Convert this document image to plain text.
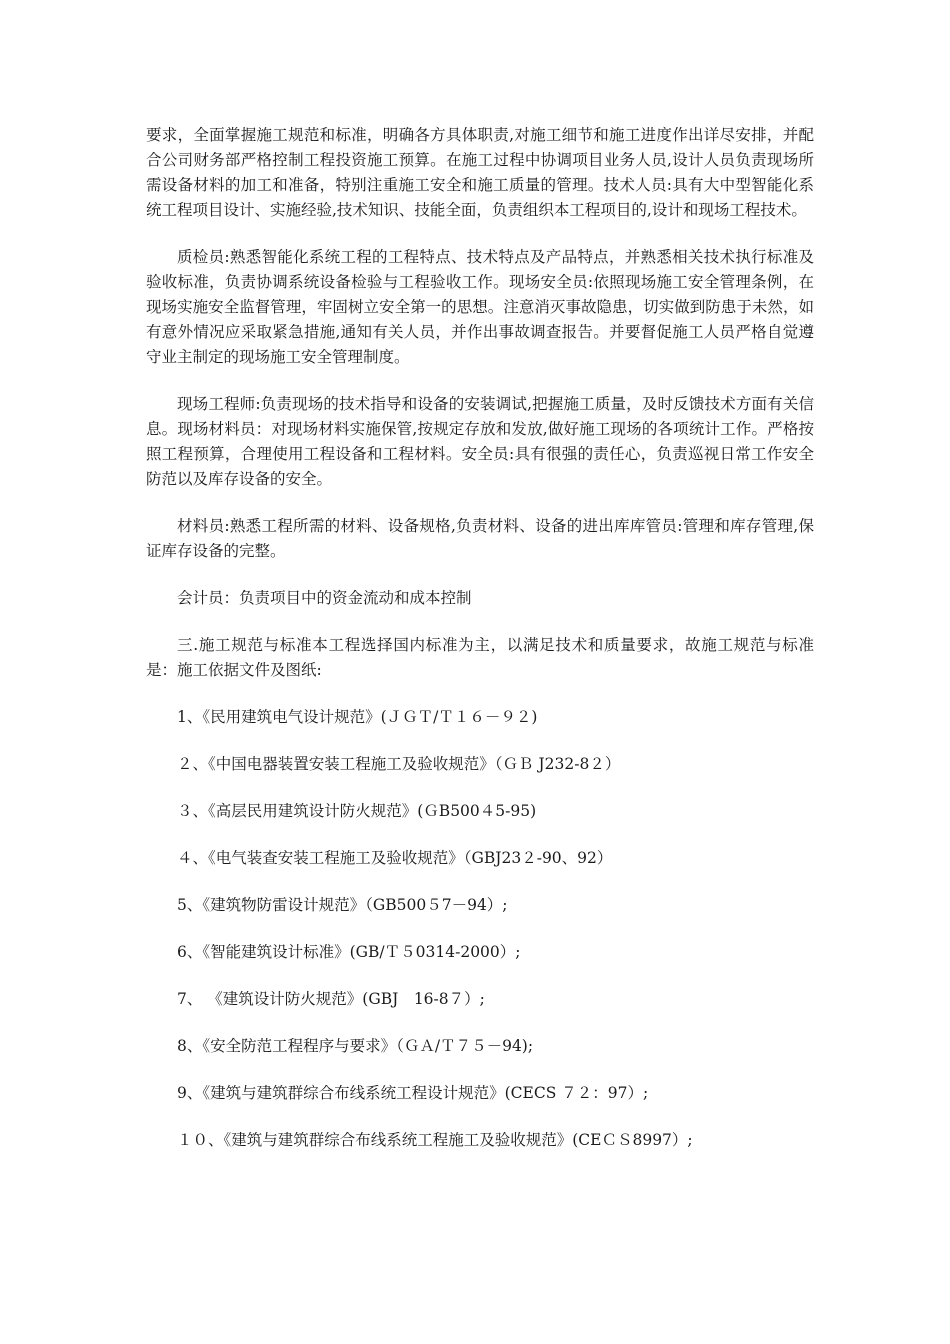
要求，全面掌握施工规范和标准，明确各方具体职责,对施工细节和施工进度作出详尽安排，并配合公司财务部严格控制工程投资施工预算。在施工过程中协调项目业务人员,设计人员负责现场所需设备材料的加工和准备，特别注重施工安全和施工质量的管理。技术人员:具有大中型智能化系统工程项目设计、实施经验,技术知识、技能全面，负责组织本工程项目的,设计和现场工程技术。

质检员:熟悉智能化系统工程的工程特点、技术特点及产品特点，并熟悉相关技术执行标准及验收标准，负责协调系统设备检验与工程验收工作。现场安全员:依照现场施工安全管理条例，在现场实施安全监督管理，牢固树立安全第一的思想。注意消灭事故隐患，切实做到防患于未然，如有意外情况应采取紧急措施,通知有关人员，并作出事故调查报告。并要督促施工人员严格自觉遵守业主制定的现场施工安全管理制度。

现场工程师:负责现场的技术指导和设备的安装调试,把握施工质量，及时反馈技术方面有关信息。现场材料员：对现场材料实施保管,按规定存放和发放,做好施工现场的各项统计工作。严格按照工程预算，合理使用工程设备和工程材料。安全员:具有很强的责任心，负责巡视日常工作安全防范以及库存设备的安全。

材料员:熟悉工程所需的材料、设备规格,负责材料、设备的进出库库管员:管理和库存管理,保证库存设备的完整。

会计员：负责项目中的资金流动和成本控制

三.施工规范与标准本工程选择国内标准为主，以满足技术和质量要求，故施工规范与标准是：施工依据文件及图纸:

1、《民用建筑电气设计规范》(ＪＧＴ/Ｔ１６－９２)
２、《中国电器装置安装工程施工及验收规范》（ＧＢ J232-8２）
３、《高层民用建筑设计防火规范》(ＧB500４5-95)
４、《电气装查安装工程施工及验收规范》（GBJ23２-90、92）
5、《建筑物防雷设计规范》（GB500５7－94）;
6、《智能建筑设计标准》(GB/Ｔ５0314-2000）;
7、 《建筑设计防火规范》(GBJ　16-8７）;
8、《安全防范工程程序与要求》（ＧＡ/Ｔ７５－94);
9、《建筑与建筑群综合布线系统工程设计规范》(CECS ７２：97）;
１０、《建筑与建筑群综合布线系统工程施工及验收规范》(CEＣＳ8997）;
